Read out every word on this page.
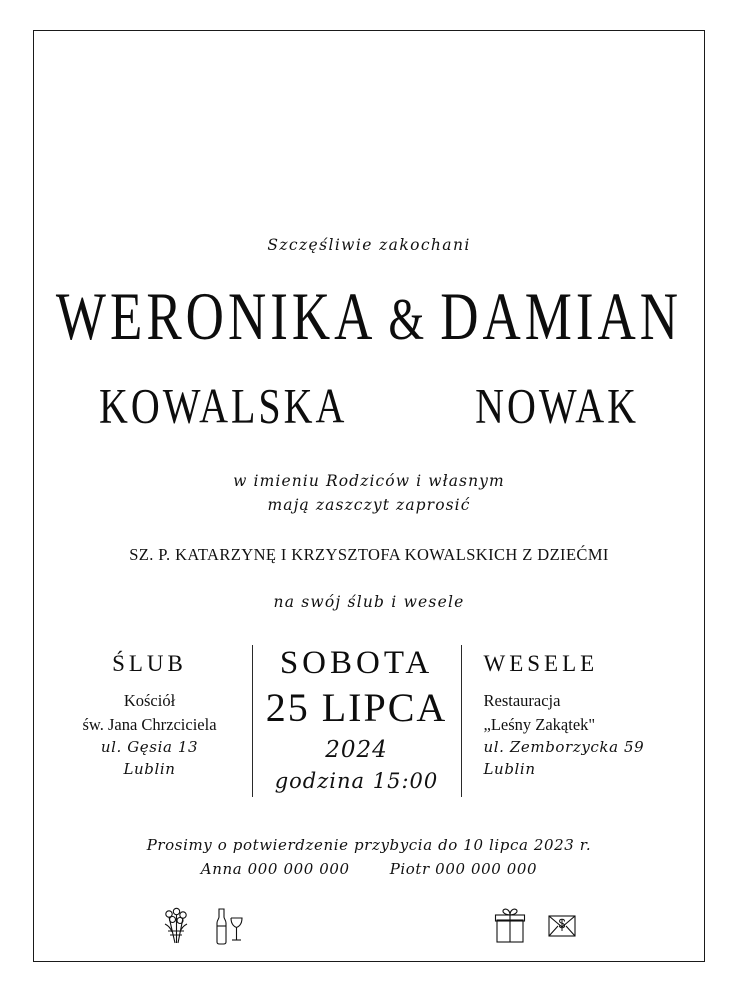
Szczęśliwie zakochani
WERONIKA & DAMIAN
KOWALSKA	NOWAK
w imieniu Rodziców i własnym
mają zaszczyt zaprosić
SZ. P. KATARZYNĘ I KRZYSZTOFA KOWALSKICH Z DZIEĆMI
na swój ślub i wesele
ŚLUB
Kościół
św. Jana Chrzciciela
ul. Gęsia 13
Lublin
SOBOTA
25 LIPCA
2024
godzina 15:00
WESELE
Restauracja
„Leśny Zakątek"
ul. Zemborzycka 59
Lublin
Prosimy o potwierdzenie przybycia do 10 lipca 2023 r.
Anna 000 000 000	Piotr 000 000 000
